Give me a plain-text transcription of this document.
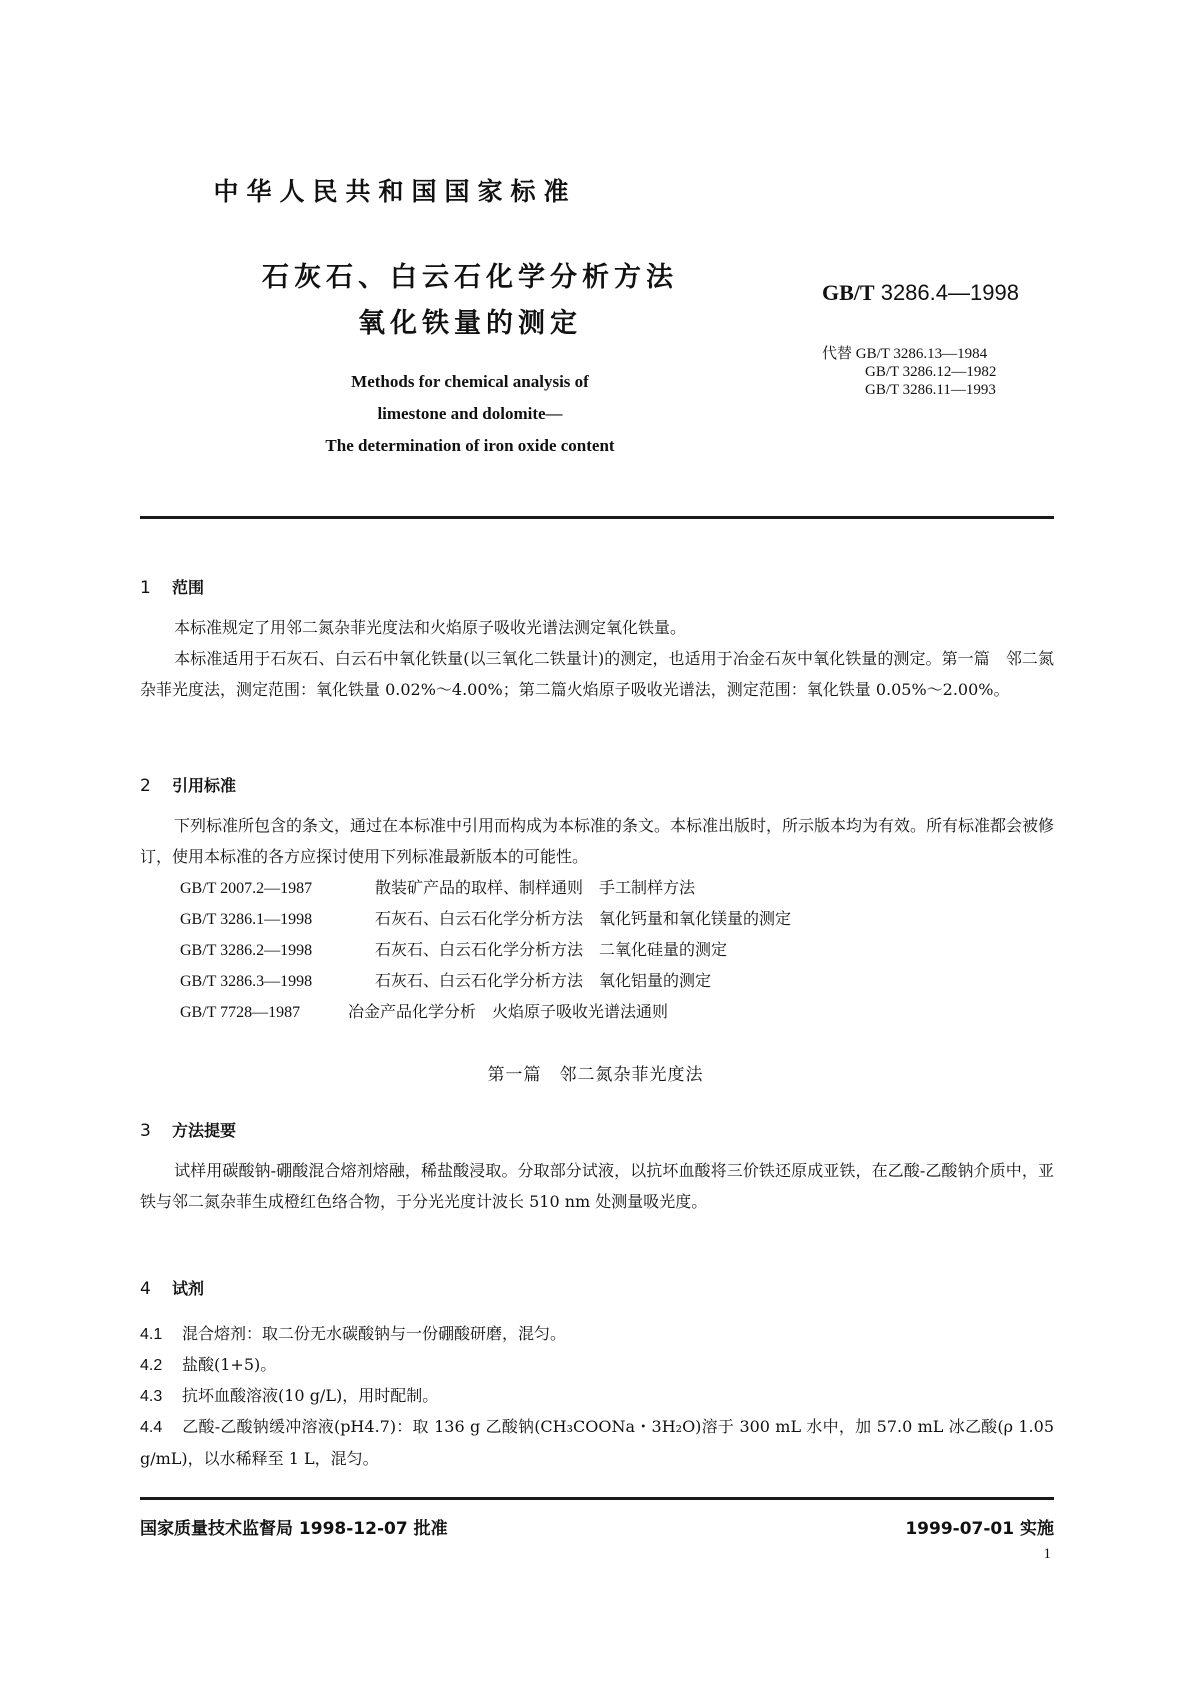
中华人民共和国国家标准
石灰石、白云石化学分析方法
氧化铁量的测定
GB/T 3286.4—1998
代替 GB/T 3286.13—1984
GB/T 3286.12—1982
GB/T 3286.11—1993
Methods for chemical analysis of
limestone and dolomite—
The determination of iron oxide content
1 范围
本标准规定了用邻二氮杂菲光度法和火焰原子吸收光谱法测定氧化铁量。
本标准适用于石灰石、白云石中氧化铁量(以三氧化二铁量计)的测定，也适用于冶金石灰中氧化铁量的测定。第一篇　邻二氮杂菲光度法，测定范围：氧化铁量 0.02%～4.00%；第二篇火焰原子吸收光谱法，测定范围：氧化铁量 0.05%～2.00%。
2 引用标准
下列标准所包含的条文，通过在本标准中引用而构成为本标准的条文。本标准出版时，所示版本均为有效。所有标准都会被修订，使用本标准的各方应探讨使用下列标准最新版本的可能性。
GB/T 2007.2—1987	散装矿产品的取样、制样通则　手工制样方法
GB/T 3286.1—1998	石灰石、白云石化学分析方法　氧化钙量和氧化镁量的测定
GB/T 3286.2—1998	石灰石、白云石化学分析方法　二氧化硅量的测定
GB/T 3286.3—1998	石灰石、白云石化学分析方法　氧化铝量的测定
GB/T 7728—1987	冶金产品化学分析　火焰原子吸收光谱法通则
第一篇　邻二氮杂菲光度法
3 方法提要
试样用碳酸钠-硼酸混合熔剂熔融，稀盐酸浸取。分取部分试液，以抗坏血酸将三价铁还原成亚铁，在乙酸-乙酸钠介质中，亚铁与邻二氮杂菲生成橙红色络合物，于分光光度计波长 510 nm 处测量吸光度。
4 试剂
4.1 混合熔剂：取二份无水碳酸钠与一份硼酸研磨，混匀。
4.2 盐酸(1+5)。
4.3 抗坏血酸溶液(10 g/L)，用时配制。
4.4 乙酸-乙酸钠缓冲溶液(pH4.7)：取 136 g 乙酸钠(CH₃COONa・3H₂O)溶于 300 mL 水中，加 57.0 mL 冰乙酸(ρ 1.05 g/mL)，以水稀释至 1 L，混匀。
国家质量技术监督局 1998-12-07 批准	1999-07-01 实施
1
